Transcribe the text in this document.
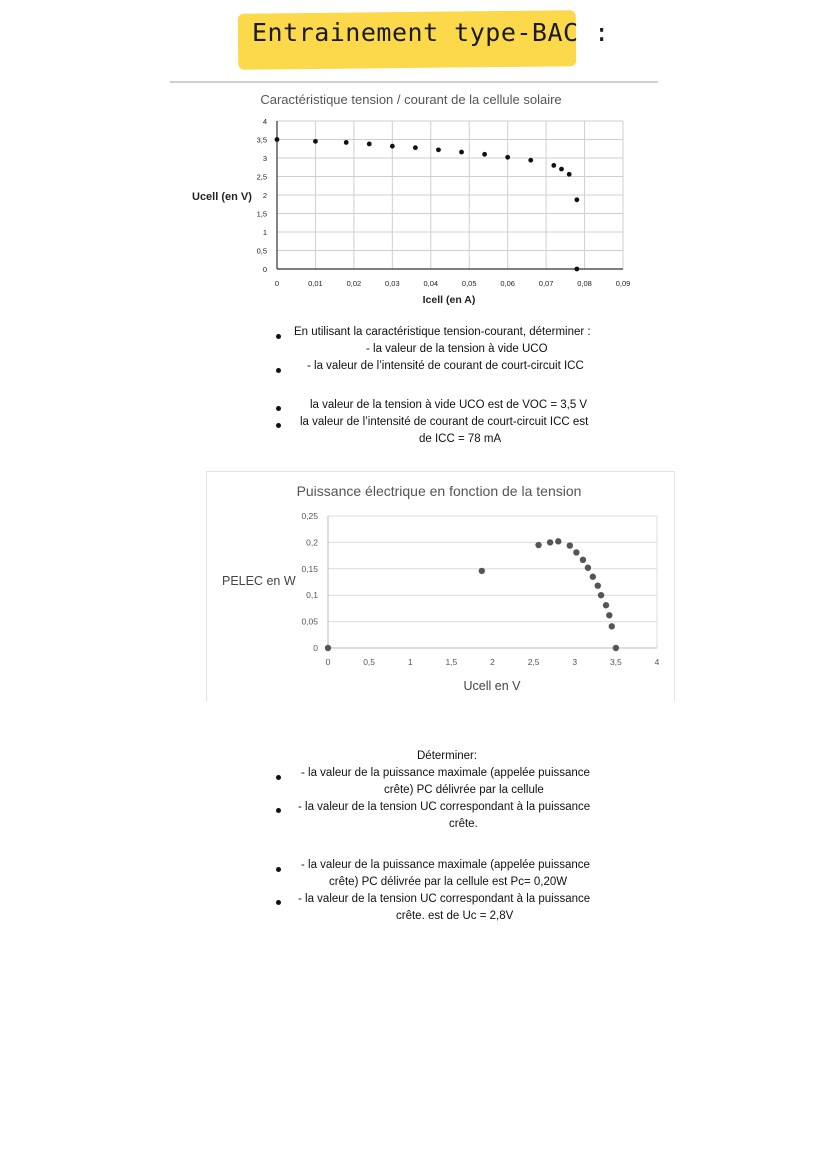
Entrainement type-BAC :
Caractéristique tension / courant de la cellule solaire
0
0,5
1
1,5
2
2,5
3
3,5
4
0	0,01	0,02	0,03	0,04	0,05	0,06	0,07	0,08	0,09
Ucell (en V)
Icell (en A)
En utilisant la caractéristique tension-courant, déterminer :
- la valeur de la tension à vide UCO
- la valeur de l’intensité de courant de court-circuit ICC
la valeur de la tension à vide UCO est de VOC = 3,5 V
la valeur de l’intensité de courant de court-circuit ICC est
de ICC = 78 mA
Puissance électrique en fonction de la tension
0
0,05
0,1
0,15
0,2
0,25
0	0,5	1	1,5	2	2,5	3	3,5	4
PELEC en W
Ucell en V
Déterminer:
- la valeur de la puissance maximale (appelée puissance
crête) PC délivrée par la cellule
- la valeur de la tension UC correspondant à la puissance
crête.
- la valeur de la puissance maximale (appelée puissance
crête) PC délivrée par la cellule est Pc= 0,20W
- la valeur de la tension UC correspondant à la puissance
crête. est de Uc = 2,8V
